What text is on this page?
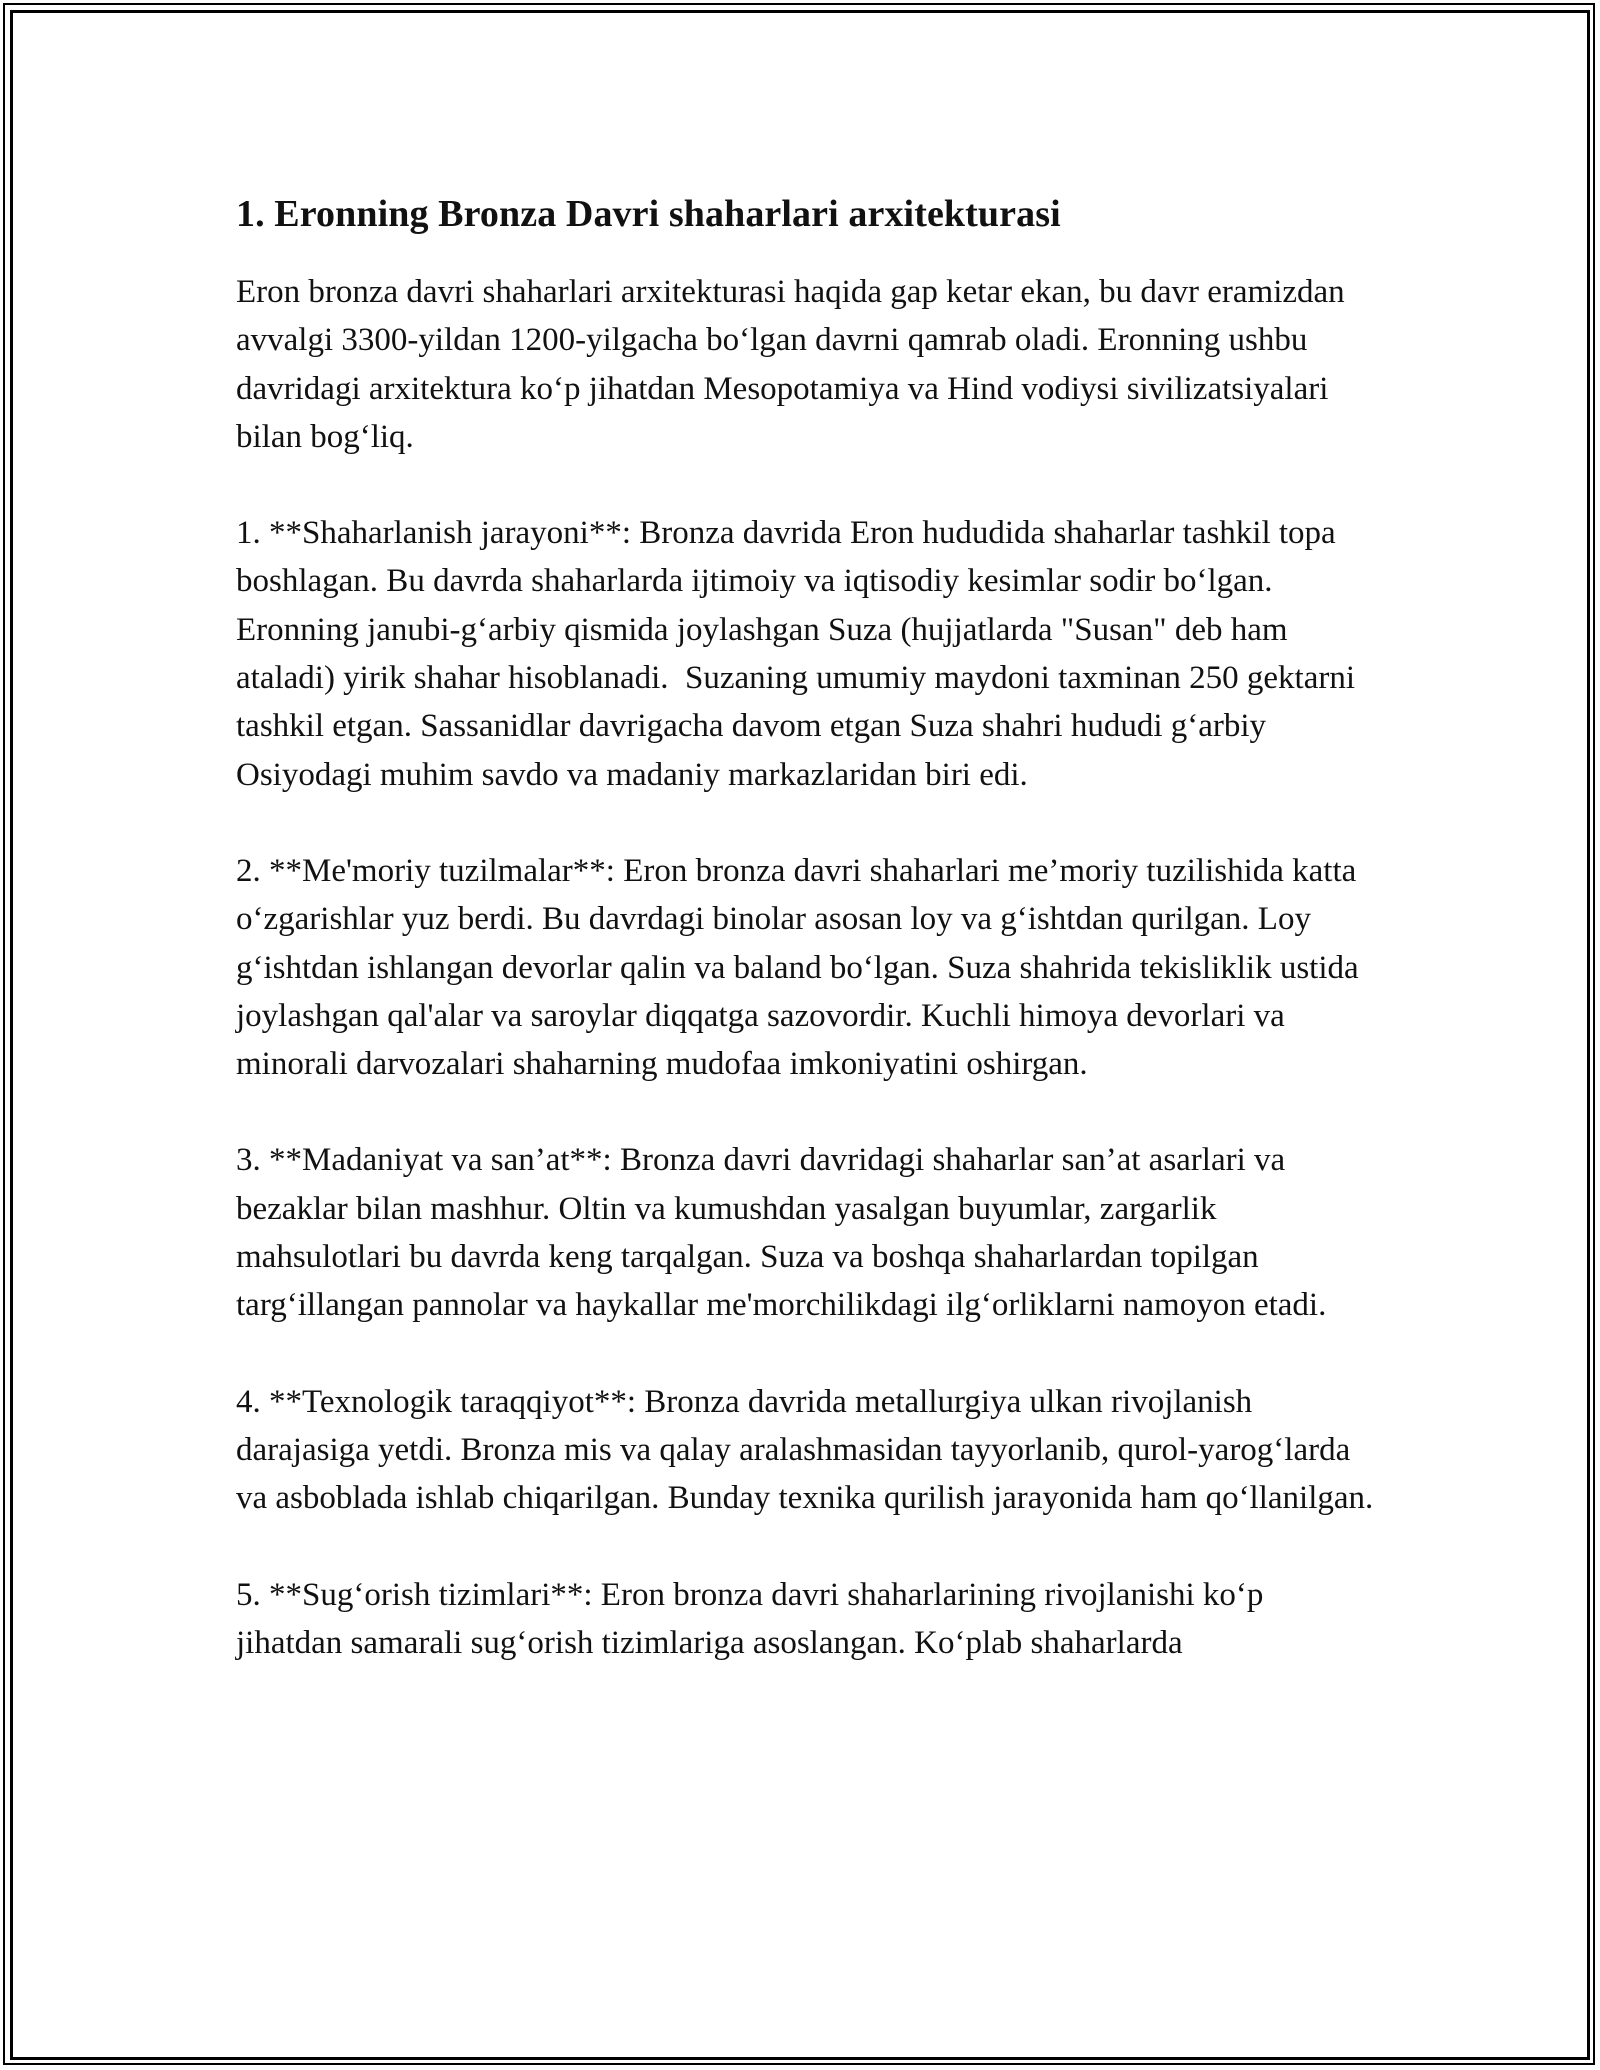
1. Eronning Bronza Davri shaharlari arxitekturasi

Eron bronza davri shaharlari arxitekturasi haqida gap ketar ekan, bu davr eramizdan avvalgi 3300-yildan 1200-yilgacha bo‘lgan davrni qamrab oladi. Eronning ushbu davridagi arxitektura ko‘p jihatdan Mesopotamiya va Hind vodiysi sivilizatsiyalari bilan bog‘liq.

1. **Shaharlanish jarayoni**: Bronza davrida Eron hududida shaharlar tashkil topa boshlagan. Bu davrda shaharlarda ijtimoiy va iqtisodiy kesimlar sodir bo‘lgan. Eronning janubi-g‘arbiy qismida joylashgan Suza (hujjatlarda "Susan" deb ham ataladi) yirik shahar hisoblanadi.  Suzaning umumiy maydoni taxminan 250 gektarni tashkil etgan. Sassanidlar davrigacha davom etgan Suza shahri hududi g‘arbiy Osiyodagi muhim savdo va madaniy markazlaridan biri edi.

2. **Me'moriy tuzilmalar**: Eron bronza davri shaharlari me’moriy tuzilishida katta o‘zgarishlar yuz berdi. Bu davrdagi binolar asosan loy va g‘ishtdan qurilgan. Loy g‘ishtdan ishlangan devorlar qalin va baland bo‘lgan. Suza shahrida tekisliklik ustida joylashgan qal'alar va saroylar diqqatga sazovordir. Kuchli himoya devorlari va minorali darvozalari shaharning mudofaa imkoniyatini oshirgan.

3. **Madaniyat va san’at**: Bronza davri davridagi shaharlar san’at asarlari va bezaklar bilan mashhur. Oltin va kumushdan yasalgan buyumlar, zargarlik mahsulotlari bu davrda keng tarqalgan. Suza va boshqa shaharlardan topilgan targ‘illangan pannolar va haykallar me'morchilikdagi ilg‘orliklarni namoyon etadi.

4. **Texnologik taraqqiyot**: Bronza davrida metallurgiya ulkan rivojlanish darajasiga yetdi. Bronza mis va qalay aralashmasidan tayyorlanib, qurol-yarog‘larda va asboblada ishlab chiqarilgan. Bunday texnika qurilish jarayonida ham qo‘llanilgan.

5. **Sug‘orish tizimlari**: Eron bronza davri shaharlarining rivojlanishi ko‘p jihatdan samarali sug‘orish tizimlariga asoslangan. Ko‘plab shaharlarda
